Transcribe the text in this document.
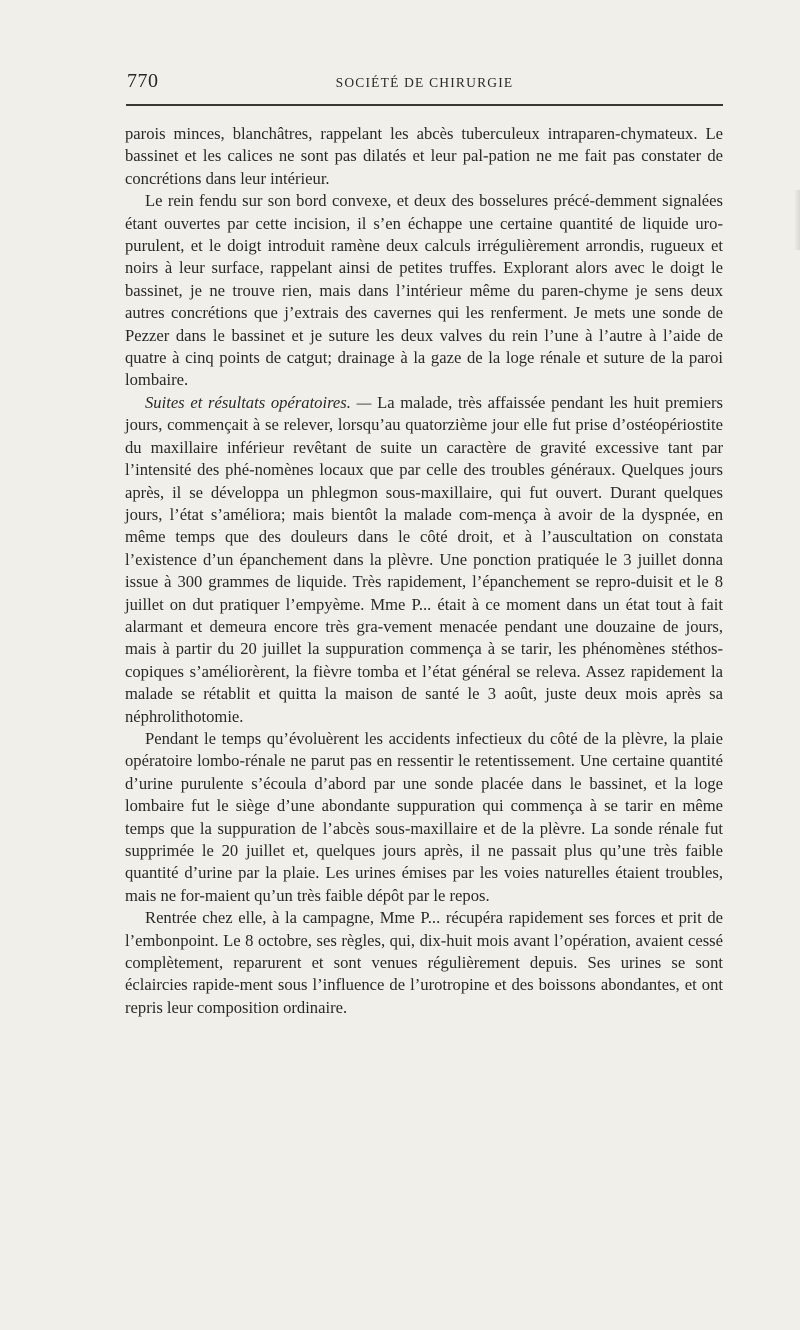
770	SOCIÉTÉ DE CHIRURGIE

parois minces, blanchâtres, rappelant les abcès tuberculeux intraparen-chymateux. Le bassinet et les calices ne sont pas dilatés et leur pal-pation ne me fait pas constater de concrétions dans leur intérieur.

Le rein fendu sur son bord convexe, et deux des bosselures précé-demment signalées étant ouvertes par cette incision, il s’en échappe une certaine quantité de liquide uro-purulent, et le doigt introduit ramène deux calculs irrégulièrement arrondis, rugueux et noirs à leur surface, rappelant ainsi de petites truffes. Explorant alors avec le doigt le bassinet, je ne trouve rien, mais dans l’intérieur même du paren-chyme je sens deux autres concrétions que j’extrais des cavernes qui les renferment. Je mets une sonde de Pezzer dans le bassinet et je suture les deux valves du rein l’une à l’autre à l’aide de quatre à cinq points de catgut; drainage à la gaze de la loge rénale et suture de la paroi lombaire.

Suites et résultats opératoires. — La malade, très affaissée pendant les huit premiers jours, commençait à se relever, lorsqu’au quatorzième jour elle fut prise d’ostéopériostite du maxillaire inférieur revêtant de suite un caractère de gravité excessive tant par l’intensité des phé-nomènes locaux que par celle des troubles généraux. Quelques jours après, il se développa un phlegmon sous-maxillaire, qui fut ouvert. Durant quelques jours, l’état s’améliora; mais bientôt la malade com-mença à avoir de la dyspnée, en même temps que des douleurs dans le côté droit, et à l’auscultation on constata l’existence d’un épanchement dans la plèvre. Une ponction pratiquée le 3 juillet donna issue à 300 grammes de liquide. Très rapidement, l’épanchement se repro-duisit et le 8 juillet on dut pratiquer l’empyème. Mme P... était à ce moment dans un état tout à fait alarmant et demeura encore très gra-vement menacée pendant une douzaine de jours, mais à partir du 20 juillet la suppuration commença à se tarir, les phénomènes stéthos-copiques s’améliorèrent, la fièvre tomba et l’état général se releva. Assez rapidement la malade se rétablit et quitta la maison de santé le 3 août, juste deux mois après sa néphrolithotomie.

Pendant le temps qu’évoluèrent les accidents infectieux du côté de la plèvre, la plaie opératoire lombo-rénale ne parut pas en ressentir le retentissement. Une certaine quantité d’urine purulente s’écoula d’abord par une sonde placée dans le bassinet, et la loge lombaire fut le siège d’une abondante suppuration qui commença à se tarir en même temps que la suppuration de l’abcès sous-maxillaire et de la plèvre. La sonde rénale fut supprimée le 20 juillet et, quelques jours après, il ne passait plus qu’une très faible quantité d’urine par la plaie. Les urines émises par les voies naturelles étaient troubles, mais ne for-maient qu’un très faible dépôt par le repos.

Rentrée chez elle, à la campagne, Mme P... récupéra rapidement ses forces et prit de l’embonpoint. Le 8 octobre, ses règles, qui, dix-huit mois avant l’opération, avaient cessé complètement, reparurent et sont venues régulièrement depuis. Ses urines se sont éclaircies rapide-ment sous l’influence de l’urotropine et des boissons abondantes, et ont repris leur composition ordinaire.
